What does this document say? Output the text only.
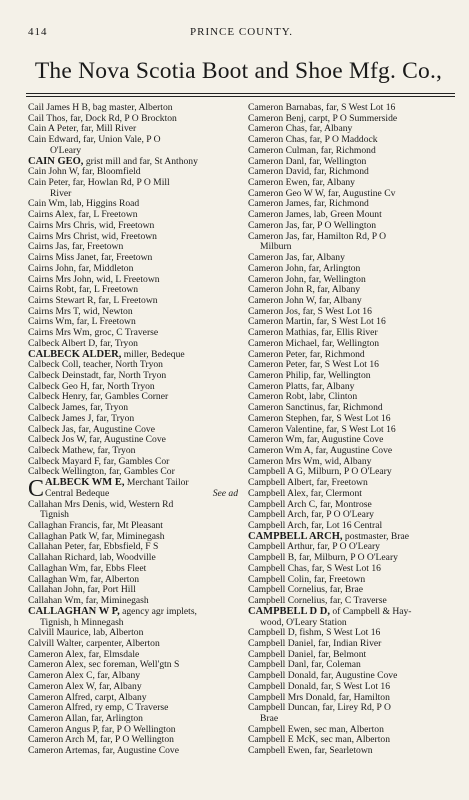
414	PRINCE COUNTY.
The Nova Scotia Boot and Shoe Mfg. Co.,
Cail James H B, bag master, Alberton
Cail Thos, far, Dock Rd, P O Brockton
Cain A Peter, far, Mill River
Cain Edward, far, Union Vale, P O
O'Leary
CAIN GEO, grist mill and far, St Anthony
Cain John W, far, Bloomfield
Cain Peter, far, Howlan Rd, P O Mill
River
Cain Wm, lab, Higgins Road
Cairns Alex, far, L Freetown
Cairns Mrs Chris, wid, Freetown
Cairns Mrs Christ, wid, Freetown
Cairns Jas, far, Freetown
Cairns Miss Janet, far, Freetown
Cairns John, far, Middleton
Cairns Mrs John, wid, L Freetown
Cairns Robt, far, L Freetown
Cairns Stewart R, far, L Freetown
Cairns Mrs T, wid, Newton
Cairns Wm, far, L Freetown
Cairns Mrs Wm, groc, C Traverse
Calbeck Albert D, far, Tryon
CALBECK ALDER, miller, Bedeque
Calbeck Coll, teacher, North Tryon
Calbeck Deinstadt, far, North Tryon
Calbeck Geo H, far, North Tryon
Calbeck Henry, far, Gambles Corner
Calbeck James, far, Tryon
Calbeck James J, far, Tryon
Calbeck Jas, far, Augustine Cove
Calbeck Jos W, far, Augustine Cove
Calbeck Mathew, far, Tryon
Calbeck Mayard F, far, Gambles Cor
Calbeck Wellington, far, Gambles Cor
CALBECK WM E, Merchant Tailor
Central Bedeque	See ad
Callahan Mrs Denis, wid, Western Rd
Tignish
Callaghan Francis, far, Mt Pleasant
Callaghan Patk W, far, Miminegash
Callahan Peter, far, Ebbsfield, F S
Callahan Richard, lab, Woodville
Callaghan Wm, far, Ebbs Fleet
Callaghan Wm, far, Alberton
Callahan John, far, Port Hill
Callahan Wm, far, Miminegash
CALLAGHAN W P, agency agr implets,
Tignish, h Minnegash
Calvill Maurice, lab, Alberton
Calvill Walter, carpenter, Alberton
Cameron Alex, far, Elmsdale
Cameron Alex, sec foreman, Well'gtn S
Cameron Alex C, far, Albany
Cameron Alex W, far, Albany
Cameron Alfred, carpt, Albany
Cameron Alfred, ry emp, C Traverse
Cameron Allan, far, Arlington
Cameron Angus P, far, P O Wellington
Cameron Arch M, far, P O Wellington
Cameron Artemas, far, Augustine Cove
Cameron Barnabas, far, S West Lot 16
Cameron Benj, carpt, P O Summerside
Cameron Chas, far, Albany
Cameron Chas, far, P O Maddock
Cameron Culman, far, Richmond
Cameron Danl, far, Wellington
Cameron David, far, Richmond
Cameron Ewen, far, Albany
Cameron Geo W W, far, Augustine Cv
Cameron James, far, Richmond
Cameron James, lab, Green Mount
Cameron Jas, far, P O Wellington
Cameron Jas, far, Hamilton Rd, P O
Milburn
Cameron Jas, far, Albany
Cameron John, far, Arlington
Cameron John, far, Wellington
Cameron John R, far, Albany
Cameron John W, far, Albany
Cameron Jos, far, S West Lot 16
Cameron Martin, far, S West Lot 16
Cameron Mathias, far, Ellis River
Cameron Michael, far, Wellington
Cameron Peter, far, Richmond
Cameron Peter, far, S West Lot 16
Cameron Philip, far, Wellington
Cameron Platts, far, Albany
Cameron Robt, labr, Clinton
Cameron Sanctinus, far, Richmond
Cameron Stephen, far, S West Lot 16
Cameron Valentine, far, S West Lot 16
Cameron Wm, far, Augustine Cove
Cameron Wm A, far, Augustine Cove
Cameron Mrs Wm, wid, Albany
Campbell A G, Milburn, P O O'Leary
Campbell Albert, far, Freetown
Campbell Alex, far, Clermont
Campbell Arch C, far, Montrose
Campbell Arch, far, P O O'Leary
Campbell Arch, far, Lot 16 Central
CAMPBELL ARCH, postmaster, Brae
Campbell Arthur, far, P O O'Leary
Campbell B, far, Milburn, P O O'Leary
Campbell Chas, far, S West Lot 16
Campbell Colin, far, Freetown
Campbell Cornelius, far, Brae
Campbell Cornelius, far, C Traverse
CAMPBELL D D, of Campbell & Hay-
wood, O'Leary Station
Campbell D, fishm, S West Lot 16
Campbell Daniel, far, Indian River
Campbell Daniel, far, Belmont
Campbell Danl, far, Coleman
Campbell Donald, far, Augustine Cove
Campbell Donald, far, S West Lot 16
Campbell Mrs Donald, far, Hamilton
Campbell Duncan, far, Lirey Rd, P O
Brae
Campbell Ewen, sec man, Alberton
Campbell E McK, sec man, Alberton
Campbell Ewen, far, Searletown
